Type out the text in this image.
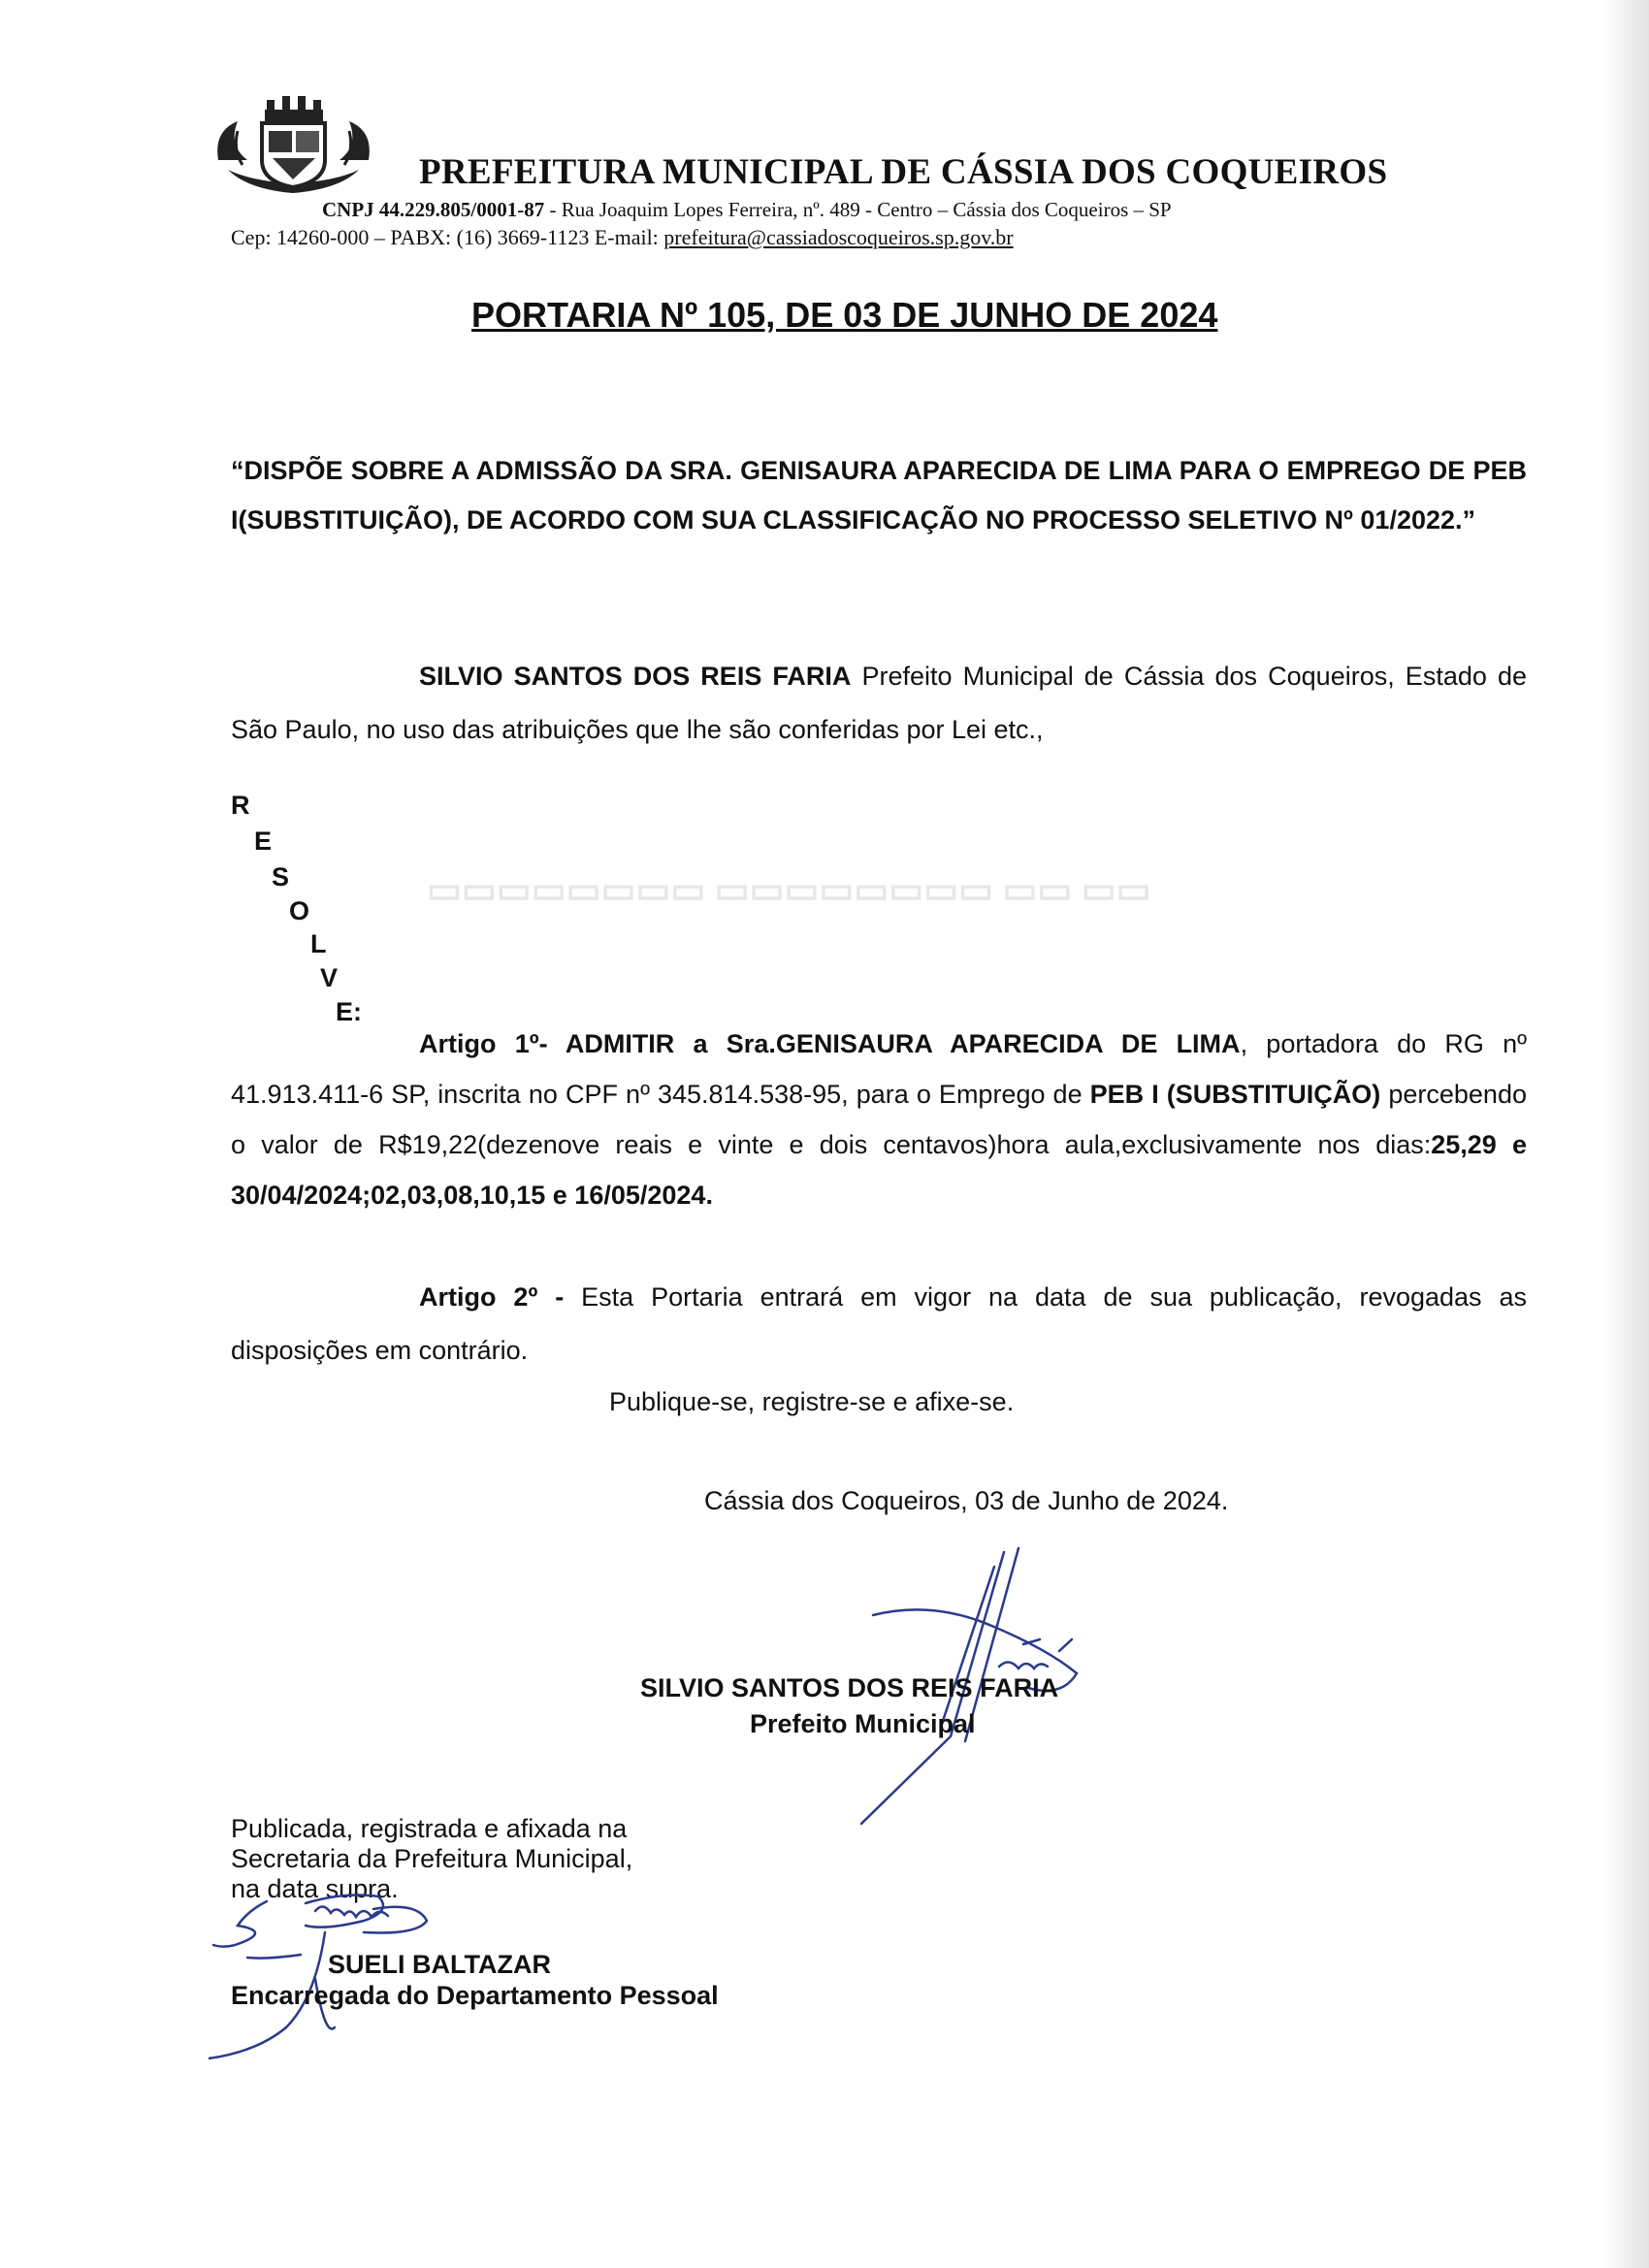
▭▭▭▭▭▭▭▭ ▭▭▭▭▭▭▭▭ ▭▭ ▭▭
PREFEITURA MUNICIPAL DE CÁSSIA DOS COQUEIROS
CNPJ 44.229.805/0001-87 - Rua Joaquim Lopes Ferreira, nº. 489 - Centro – Cássia dos Coqueiros – SP
Cep: 14260-000 – PABX: (16) 3669-1123 E-mail: prefeitura@cassiadoscoqueiros.sp.gov.br
PORTARIA Nº 105, DE 03 DE JUNHO DE 2024
“DISPÕE SOBRE A ADMISSÃO DA SRA. GENISAURA APARECIDA DE LIMA PARA O EMPREGO DE PEB I(SUBSTITUIÇÃO), DE ACORDO COM SUA CLASSIFICAÇÃO NO PROCESSO SELETIVO Nº 01/2022.”
SILVIO SANTOS DOS REIS FARIA Prefeito Municipal de Cássia dos Coqueiros, Estado de São Paulo, no uso das atribuições que lhe são conferidas por Lei etc.,
R
E
S
O
L
V
E:
Artigo 1º- ADMITIR a Sra.GENISAURA APARECIDA DE LIMA, portadora do RG nº 41.913.411-6 SP, inscrita no CPF nº 345.814.538-95, para o Emprego de PEB I (SUBSTITUIÇÃO) percebendo o valor de R$19,22(dezenove reais e vinte e dois centavos)hora aula,exclusivamente nos dias:25,29 e 30/04/2024;02,03,08,10,15 e 16/05/2024.
Artigo 2º - Esta Portaria entrará em vigor na data de sua publicação, revogadas as disposições em contrário.
Publique-se, registre-se e afixe-se.
Cássia dos Coqueiros, 03 de Junho de 2024.
SILVIO SANTOS DOS REIS FARIA
Prefeito Municipal
Publicada, registrada e afixada na
Secretaria da Prefeitura Municipal,
na data supra.
SUELI BALTAZAR
Encarregada do Departamento Pessoal
